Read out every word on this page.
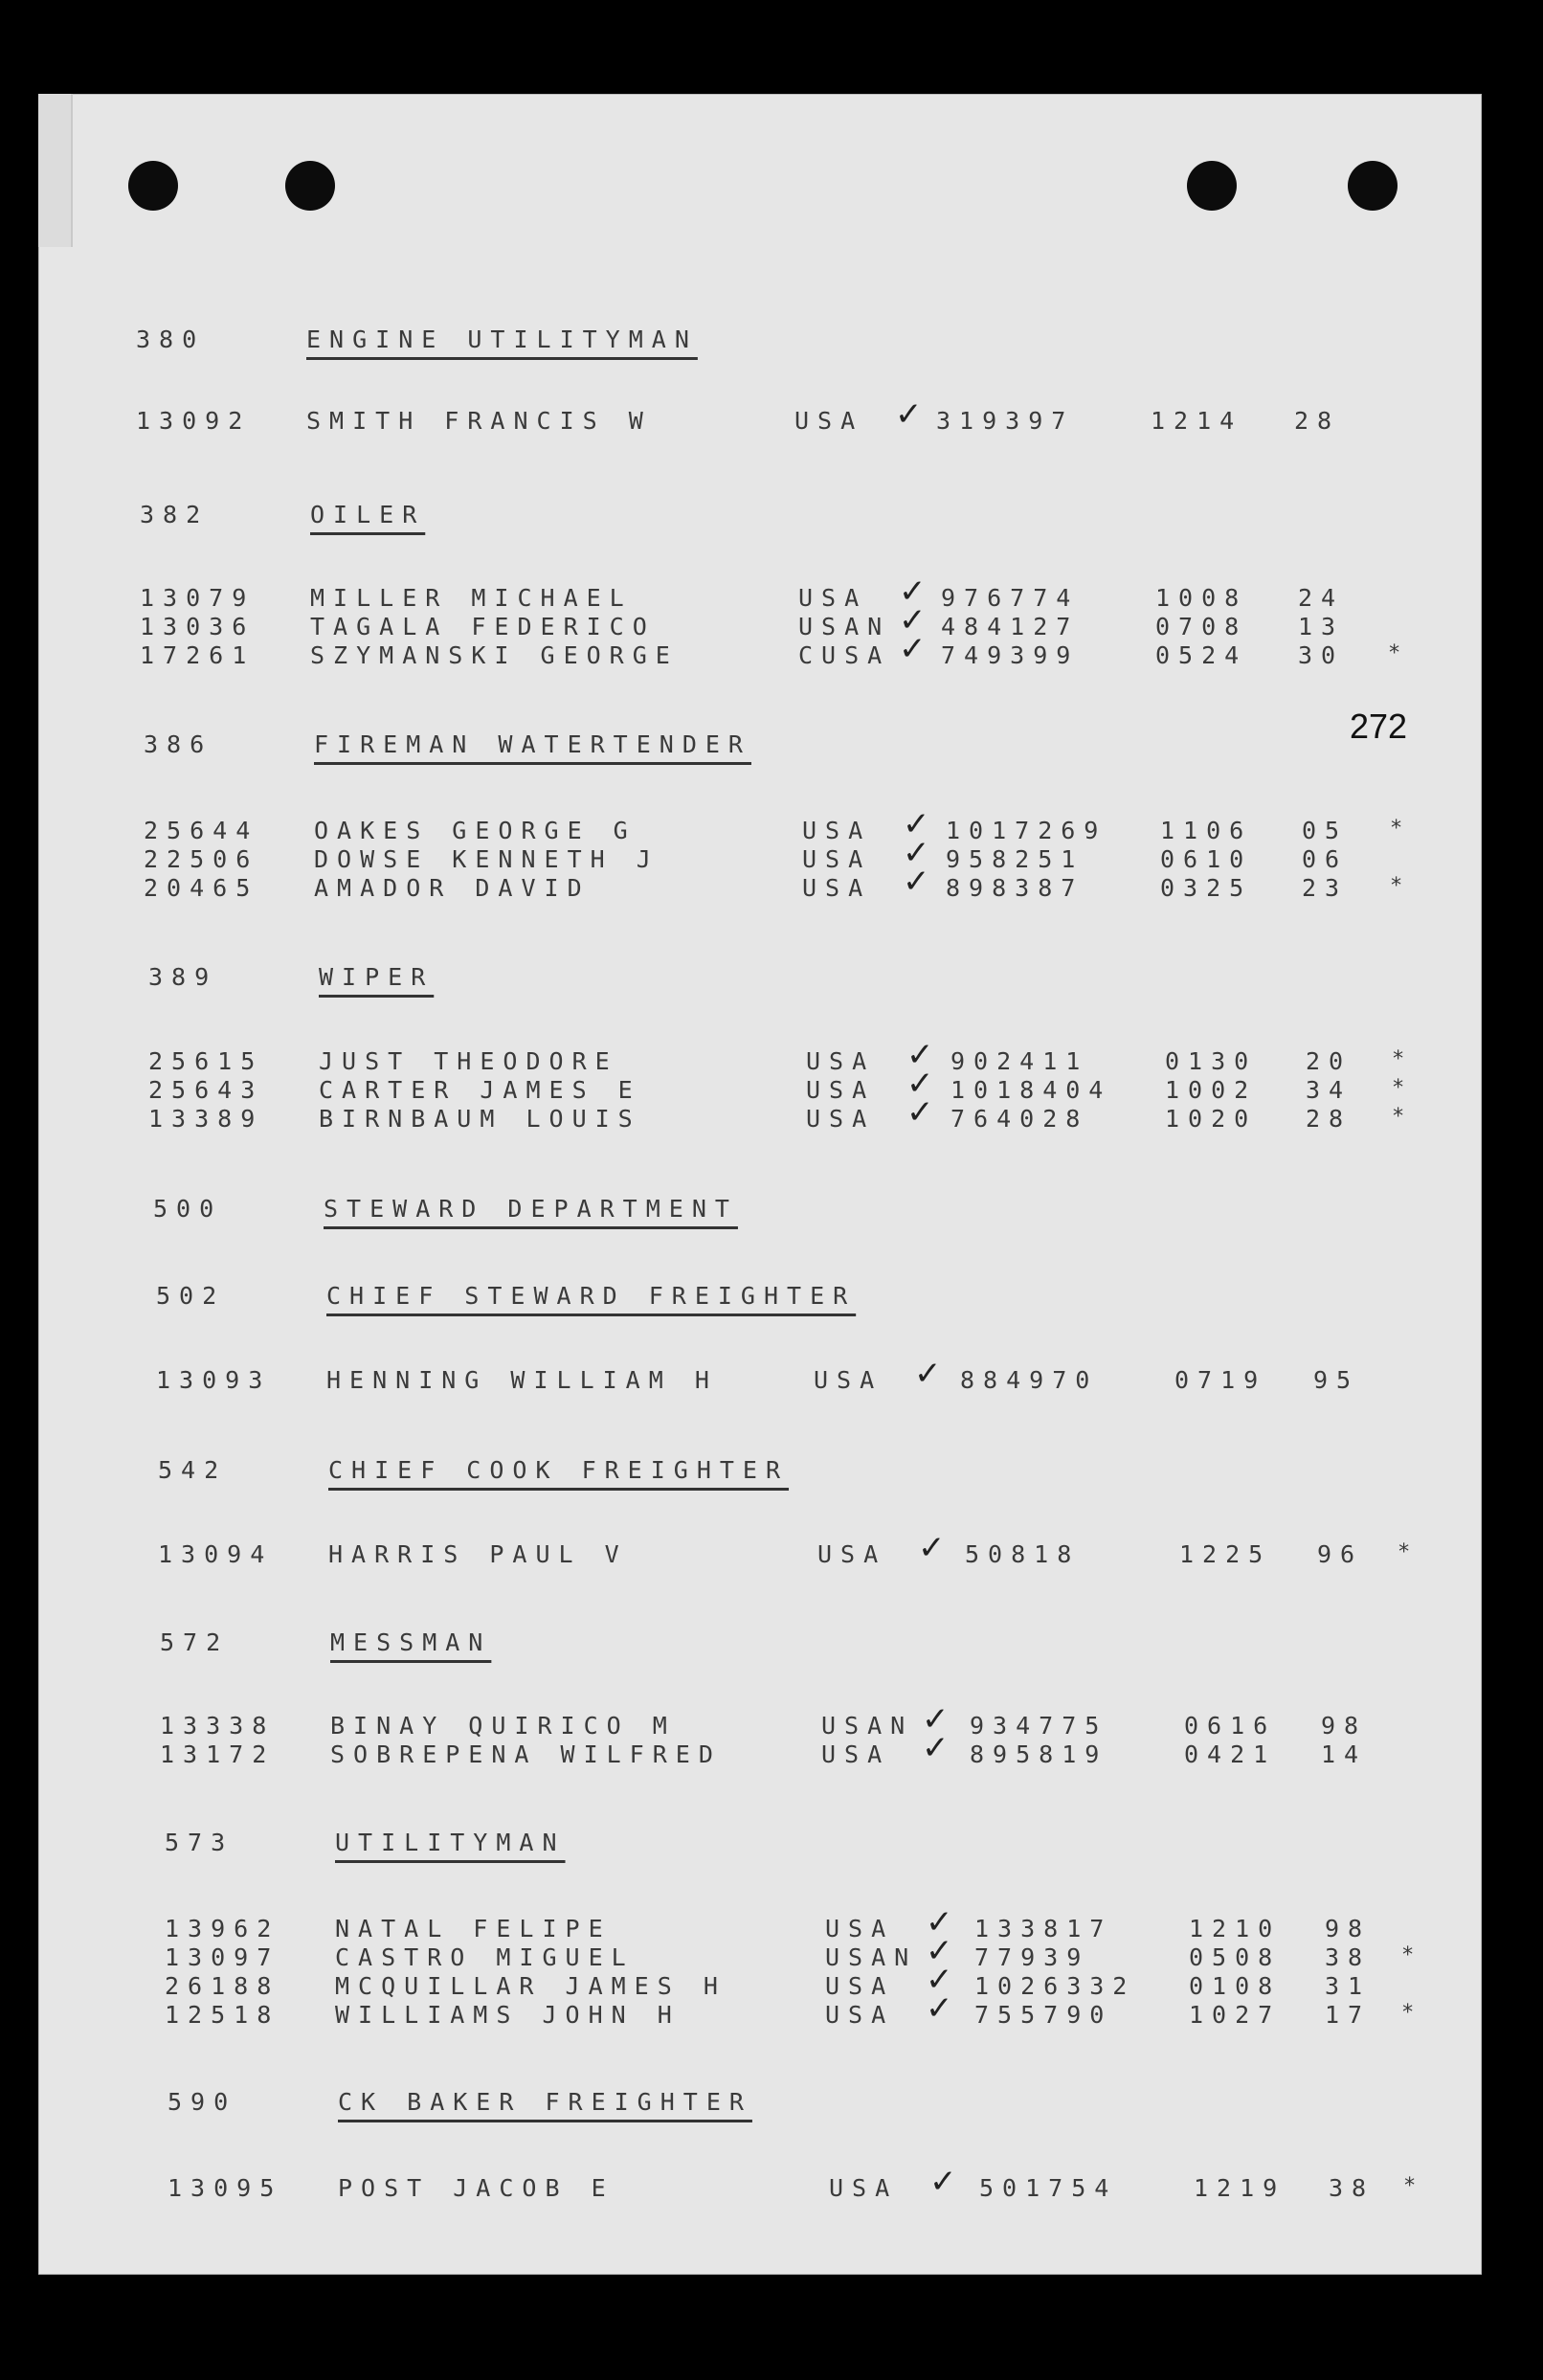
272
380	ENGINE UTILITYMAN
13092 SMITH FRANCIS W	USA ✓ 319397	1214 28
382	OILER
13079 MILLER MICHAEL	USA ✓ 976774	1008 24
13036 TAGALA FEDERICO	USAN ✓ 484127	0708 13
17261 SZYMANSKI GEORGE	CUSA ✓ 749399	0524 30 *
386	FIREMAN WATERTENDER
25644 OAKES GEORGE G	USA ✓ 1017269 1106 05 *
22506 DOWSE KENNETH J	USA ✓ 958251	0610 06
20465 AMADOR DAVID	USA ✓ 898387	0325 23 *
389	WIPER
25615 JUST THEODORE	USA ✓ 902411	0130 20 *
25643 CARTER JAMES E	USA ✓ 1018404 1002 34 *
13389 BIRNBAUM LOUIS	USA ✓ 764028	1020 28 *
500	STEWARD DEPARTMENT
502	CHIEF STEWARD FREIGHTER
13093 HENNING WILLIAM H	USA ✓ 884970	0719 95
542	CHIEF COOK FREIGHTER
13094 HARRIS PAUL V	USA ✓ 50818	1225 96 *
572	MESSMAN
13338 BINAY QUIRICO M	USAN ✓ 934775	0616 98
13172 SOBREPENA WILFRED	USA ✓ 895819	0421 14
573	UTILITYMAN
13962 NATAL FELIPE	USA ✓ 133817	1210 98
13097 CASTRO MIGUEL	USAN ✓ 77939	0508 38 *
26188 MCQUILLAR JAMES H	USA ✓ 1026332 0108 31
12518 WILLIAMS JOHN H	USA ✓ 755790	1027 17 *
590	CK BAKER FREIGHTER
13095 POST JACOB E	USA ✓ 501754	1219 38 *
